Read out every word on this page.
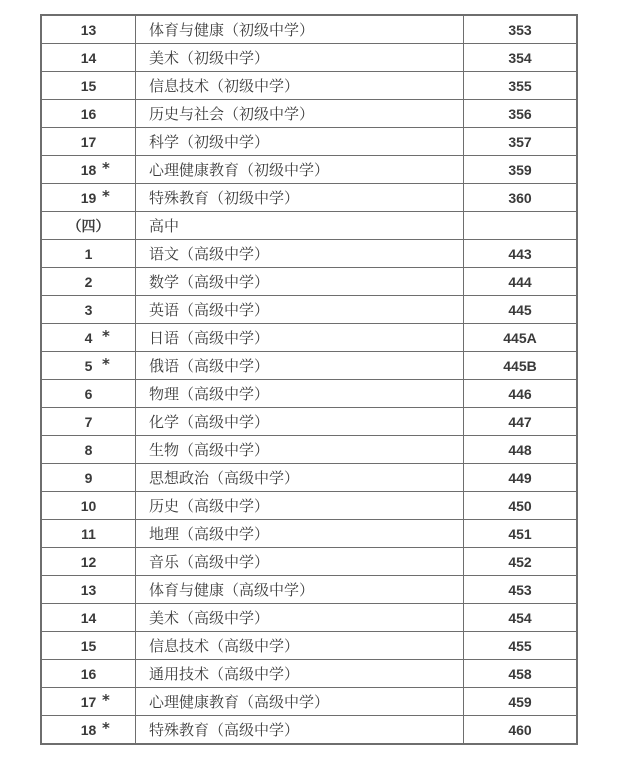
13	体育与健康（初级中学）	353
14	美术（初级中学）	354
15	信息技术（初级中学）	355
16	历史与社会（初级中学）	356
17	科学（初级中学）	357
18 *	心理健康教育（初级中学）	359
19 *	特殊教育（初级中学）	360
（四）	高中	
1	语文（高级中学）	443
2	数学（高级中学）	444
3	英语（高级中学）	445
4 *	日语（高级中学）	445A
5 *	俄语（高级中学）	445B
6	物理（高级中学）	446
7	化学（高级中学）	447
8	生物（高级中学）	448
9	思想政治（高级中学）	449
10	历史（高级中学）	450
11	地理（高级中学）	451
12	音乐（高级中学）	452
13	体育与健康（高级中学）	453
14	美术（高级中学）	454
15	信息技术（高级中学）	455
16	通用技术（高级中学）	458
17 *	心理健康教育（高级中学）	459
18 *	特殊教育（高级中学）	460
